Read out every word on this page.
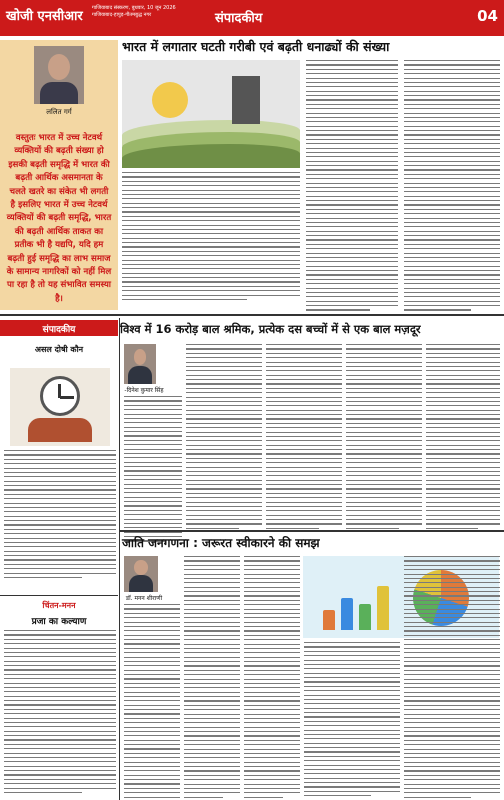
खोजी एनसीआर
गाजियाबाद संस्करण, बुधवार, 10 जून 2026
गाजियाबाद-हापुड़-गौतमबुद्ध नगर	संपादकीय	04
भारत में लगातार घटती गरीबी एवं बढ़ती धनाढ्यों की संख्या
ललित गर्ग
वस्तुतः भारत में उच्च नेटवर्थ व्यक्तियों की बढ़ती संख्या हो इसकी बढ़ती समृद्धि में भारत की बढ़ती आर्थिक असमानता के चलते खतरे का संकेत भी लगती है इसलिए भारत में उच्च नेटवर्थ व्यक्तियों की बढ़ती समृद्धि, भारत की बढ़ती आर्थिक ताकत का प्रतीक भी है यद्यपि, यदि हम बढ़ती हुई समृद्धि का लाभ समाज के सामान्य नागरिकों को नहीं मिल पा रहा है तो यह संभावित समस्या है।
संपादकीय	विश्व में 16 करोड़ बाल श्रमिक, प्रत्येक दस बच्चों में से एक बाल मज़दूर
असल दोषी कौन
चिंतन-मनन
प्रजा का कल्याण
-दिनेश कुमार सिंह
जाति जनगणना : जरूरत स्वीकारने की समझ
डॉ. मनन शीराणी
